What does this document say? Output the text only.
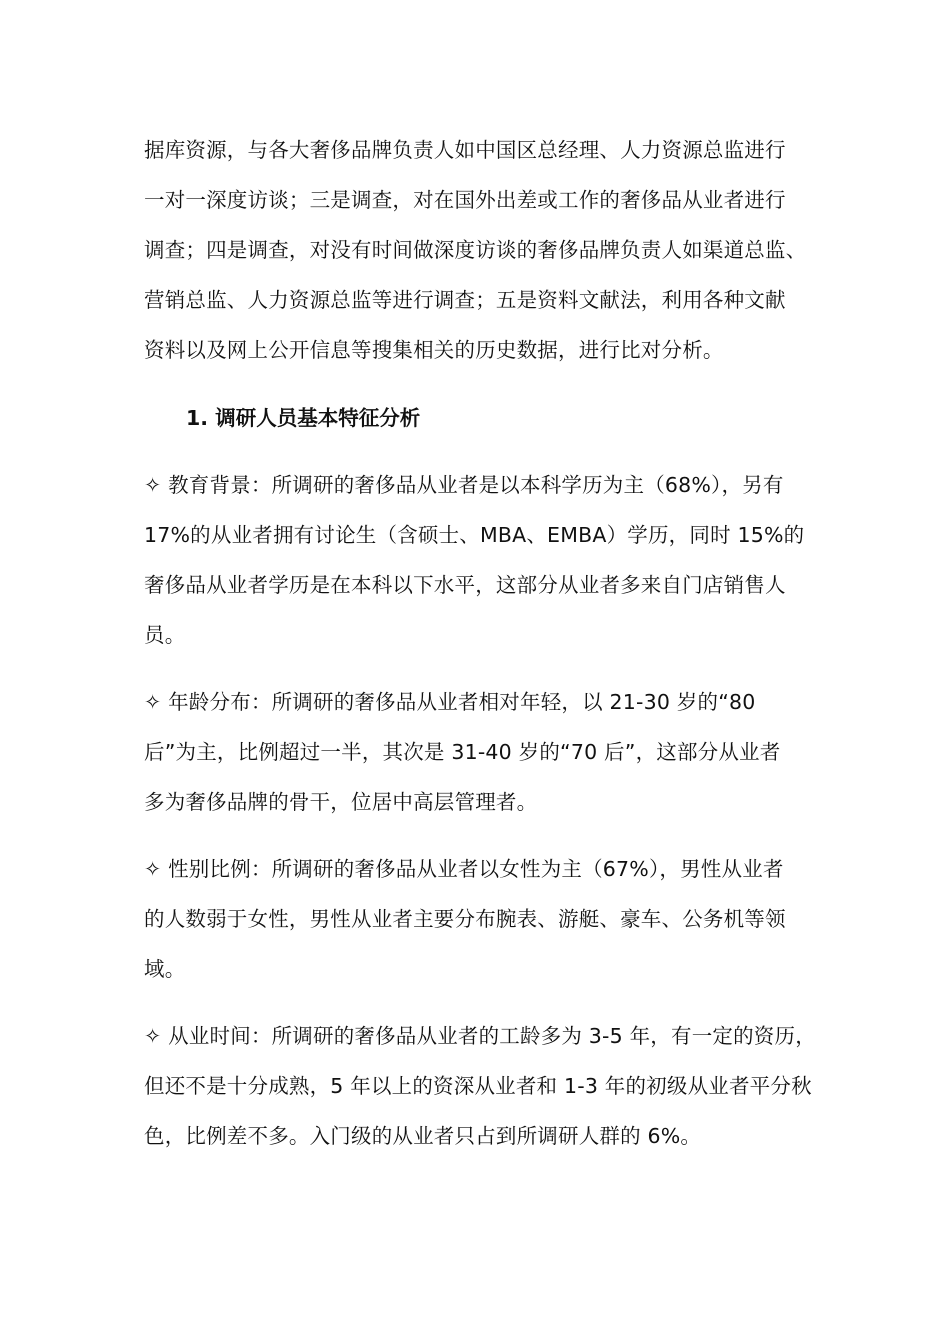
据库资源，与各大奢侈品牌负责人如中国区总经理、人力资源总监进行
一对一深度访谈；三是调查，对在国外出差或工作的奢侈品从业者进行
调查；四是调查，对没有时间做深度访谈的奢侈品牌负责人如渠道总监、
营销总监、人力资源总监等进行调查；五是资料文献法，利用各种文献
资料以及网上公开信息等搜集相关的历史数据，进行比对分析。
1. 调研人员基本特征分析
✧ 教育背景：所调研的奢侈品从业者是以本科学历为主（68%），另有
17%的从业者拥有讨论生（含硕士、MBA、EMBA）学历，同时 15%的
奢侈品从业者学历是在本科以下水平，这部分从业者多来自门店销售人
员。
✧ 年龄分布：所调研的奢侈品从业者相对年轻，以 21-30 岁的“80
后”为主，比例超过一半，其次是 31-40 岁的“70 后”，这部分从业者
多为奢侈品牌的骨干，位居中高层管理者。
✧ 性别比例：所调研的奢侈品从业者以女性为主（67%），男性从业者
的人数弱于女性，男性从业者主要分布腕表、游艇、豪车、公务机等领
域。
✧ 从业时间：所调研的奢侈品从业者的工龄多为 3-5 年，有一定的资历，
但还不是十分成熟，5 年以上的资深从业者和 1-3 年的初级从业者平分秋
色，比例差不多。入门级的从业者只占到所调研人群的 6%。
